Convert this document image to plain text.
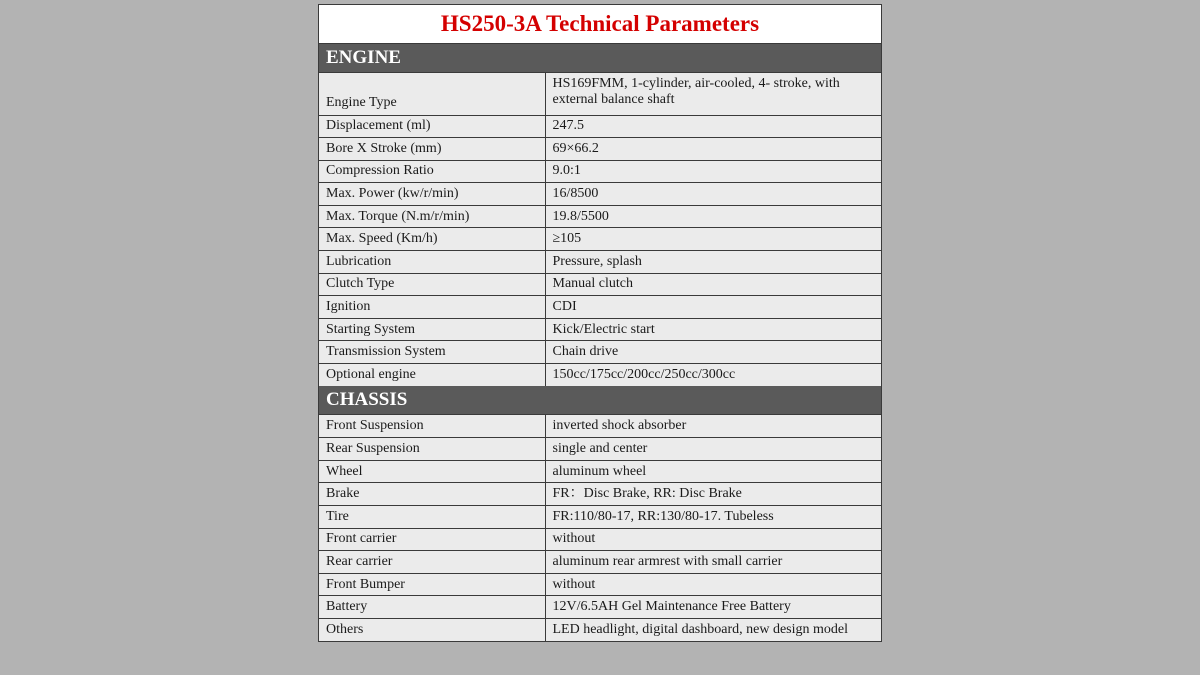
HS250-3A Technical Parameters
ENGINE
Engine Type	HS169FMM, 1-cylinder, air-cooled, 4- stroke, with external balance shaft
Displacement (ml)	247.5
Bore X Stroke (mm)	69×66.2
Compression Ratio	9.0:1
Max. Power (kw/r/min)	16/8500
Max. Torque (N.m/r/min)	19.8/5500
Max. Speed (Km/h)	≥105
Lubrication	Pressure, splash
Clutch Type	Manual clutch
Ignition	CDI
Starting System	Kick/Electric start
Transmission System	Chain drive
Optional engine	150cc/175cc/200cc/250cc/300cc
CHASSIS
Front Suspension	inverted shock absorber
Rear Suspension	single and center
Wheel	aluminum wheel
Brake	FR：Disc Brake, RR: Disc Brake
Tire	FR:110/80-17, RR:130/80-17. Tubeless
Front carrier	without
Rear carrier	aluminum rear armrest with small carrier
Front Bumper	without
Battery	12V/6.5AH Gel Maintenance Free Battery
Others	LED headlight, digital dashboard, new design model
